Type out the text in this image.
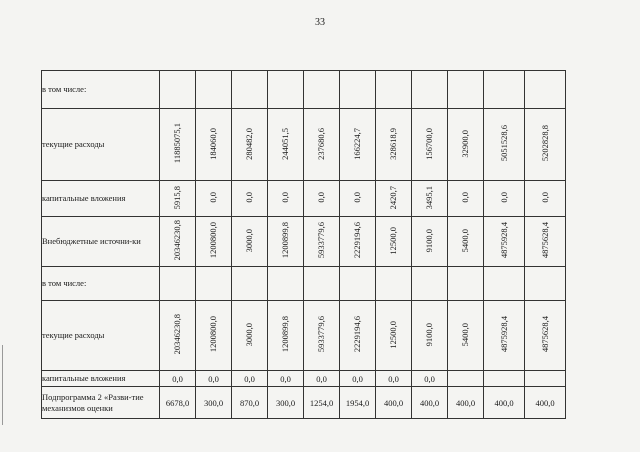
33
в том числе:											
текущие расходы	11885075,1	184060,0	280482,0	244051,5	237680,6	166224,7	328618,9	156700,0	32900,0	5051528,6	5202828,8
капитальные вложения	5915,8	0,0	0,0	0,0	0,0	0,0	2420,7	3495,1	0,0	0,0	0,0
Внебюджетные источни-ки	20346230,8	1200800,0	3000,0	1200899,8	5933779,6	2229194,6	12500,0	9100,0	5400,0	4875928,4	4875628,4
в том числе:											
текущие расходы	20346230,8	1200800,0	3000,0	1200899,8	5933779,6	2229194,6	12500,0	9100,0	5400,0	4875928,4	4875628,4
капитальные вложения	0,0	0,0	0,0	0,0	0,0	0,0	0,0	0,0			
Подпрограмма 2 «Разви-тие механизмов оценки	6678,0	300,0	870,0	300,0	1254,0	1954,0	400,0	400,0	400,0	400,0	400,0
